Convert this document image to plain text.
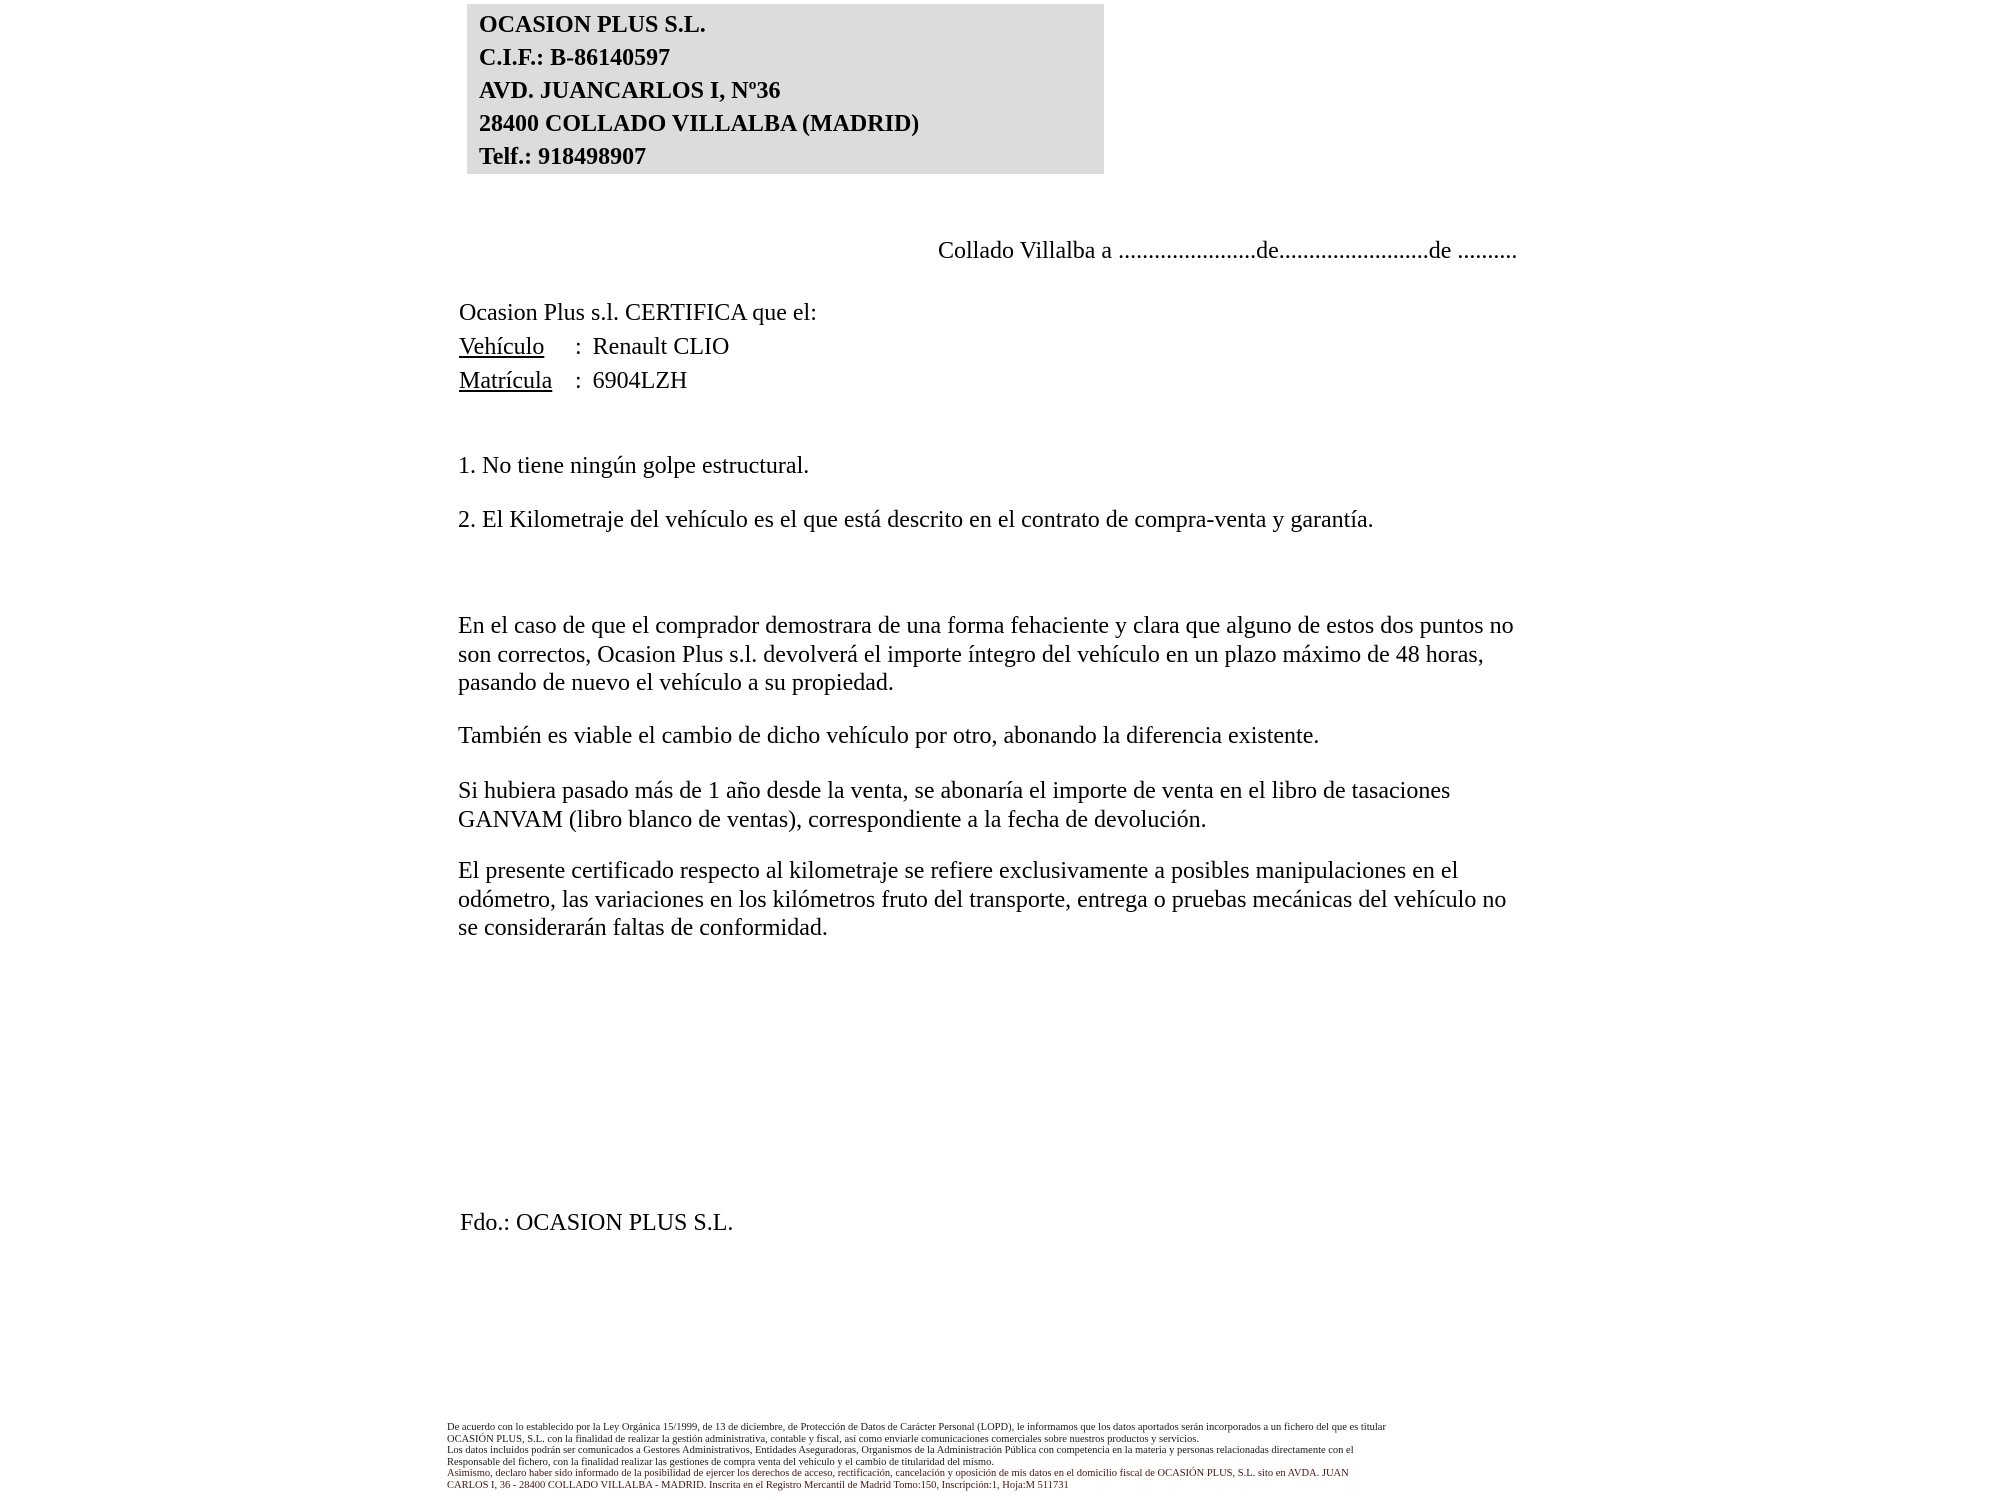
OCASION PLUS S.L.
C.I.F.: B-86140597
AVD. JUANCARLOS I, Nº36
28400 COLLADO VILLALBA (MADRID)
Telf.: 918498907
Collado Villalba a .......................de.........................de ..........
Ocasion Plus s.l. CERTIFICA que el:
Vehículo : Renault CLIO
Matrícula : 6904LZH
1. No tiene ningún golpe estructural.
2. El Kilometraje del vehículo es el que está descrito en el contrato de compra-venta y garantía.
En el caso de que el comprador demostrara de una forma fehaciente y clara que alguno de estos dos puntos no
son correctos, Ocasion Plus s.l. devolverá el importe íntegro del vehículo en un plazo máximo de 48 horas,
pasando de nuevo el vehículo a su propiedad.
También es viable el cambio de dicho vehículo por otro, abonando la diferencia existente.
Si hubiera pasado más de 1 año desde la venta, se abonaría el importe de venta en el libro de tasaciones
GANVAM (libro blanco de ventas), correspondiente a la fecha de devolución.
El presente certificado respecto al kilometraje se refiere exclusivamente a posibles manipulaciones en el
odómetro, las variaciones en los kilómetros fruto del transporte, entrega o pruebas mecánicas del vehículo no
se considerarán faltas de conformidad.
Fdo.: OCASION PLUS S.L.
De acuerdo con lo establecido por la Ley Orgánica 15/1999, de 13 de diciembre, de Protección de Datos de Carácter Personal (LOPD), le informamos que los datos aportados serán incorporados a un fichero del que es titular
OCASIÓN PLUS, S.L. con la finalidad de realizar la gestión administrativa, contable y fiscal, así como enviarle comunicaciones comerciales sobre nuestros productos y servicios.
Los datos incluidos podrán ser comunicados a Gestores Administrativos, Entidades Aseguradoras, Organismos de la Administración Pública con competencia en la materia y personas relacionadas directamente con el
Responsable del fichero, con la finalidad realizar las gestiones de compra venta del vehículo y el cambio de titularidad del mismo.
Asimismo, declaro haber sido informado de la posibilidad de ejercer los derechos de acceso, rectificación, cancelación y oposición de mis datos en el domicilio fiscal de OCASIÓN PLUS, S.L. sito en AVDA. JUAN
CARLOS I, 36 - 28400 COLLADO VILLALBA - MADRID. Inscrita en el Registro Mercantil de Madrid Tomo:150, Inscripción:1, Hoja:M 511731
